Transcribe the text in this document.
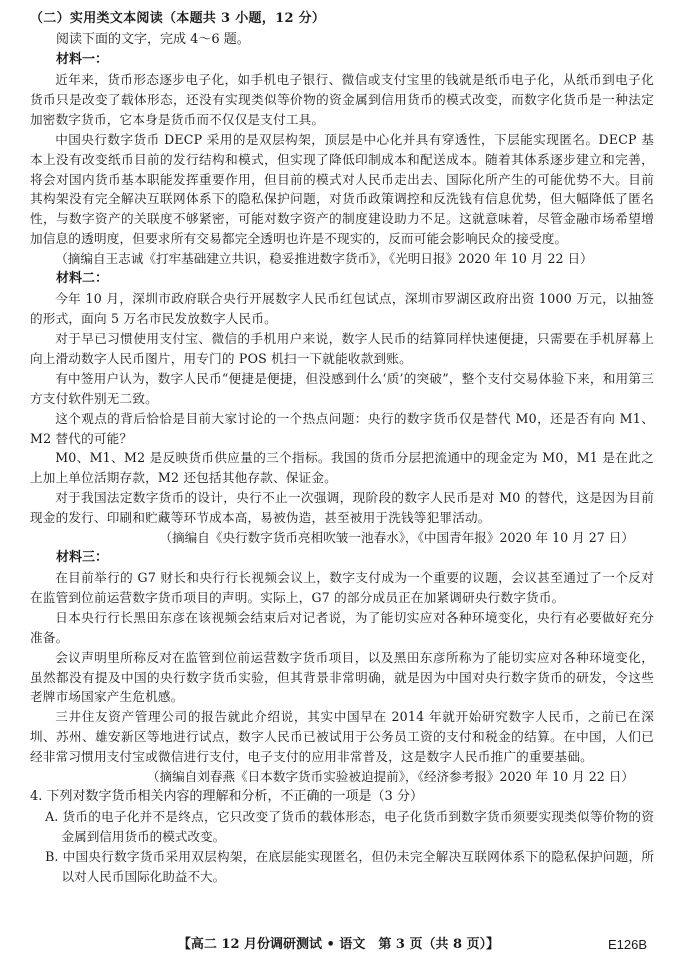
（二）实用类文本阅读（本题共 3 小题，12 分）

阅读下面的文字，完成 4～6 题。

材料一：

近年来，货币形态逐步电子化，如手机电子银行、微信或支付宝里的钱就是纸币电子化，从纸币到电子化货币只是改变了载体形态，还没有实现类似等价物的资金属到信用货币的模式改变，而数字化货币是一种法定加密数字货币，它本身是货币而不仅仅是支付工具。

中国央行数字货币 DECP 采用的是双层构架，顶层是中心化并具有穿透性，下层能实现匿名。DECP 基本上没有改变纸币目前的发行结构和模式，但实现了降低印制成本和配送成本。随着其体系逐步建立和完善，将会对国内货币基本职能发挥重要作用，但目前的模式对人民币走出去、国际化所产生的可能优势不大。目前其构架没有完全解决互联网体系下的隐私保护问题，对货币政策调控和反洗钱有信息优势，但大幅降低了匿名性，与数字资产的关联度不够紧密，可能对数字资产的制度建设助力不足。这就意味着，尽管金融市场希望增加信息的透明度，但要求所有交易都完全透明也许是不现实的，反而可能会影响民众的接受度。

（摘编自王志诚《打牢基础建立共识，稳妥推进数字货币》，《光明日报》2020 年 10 月 22 日）

材料二：

今年 10 月，深圳市政府联合央行开展数字人民币红包试点，深圳市罗湖区政府出资 1000 万元，以抽签的形式，面向 5 万名市民发放数字人民币。

对于早已习惯使用支付宝、微信的手机用户来说，数字人民币的结算同样快速便捷，只需要在手机屏幕上向上滑动数字人民币图片，用专门的 POS 机扫一下就能收款到账。

有中签用户认为，数字人民币“便捷是便捷，但没感到什么‘质’的突破”，整个支付交易体验下来，和用第三方支付软件别无二致。

这个观点的背后恰恰是目前大家讨论的一个热点问题：央行的数字货币仅是替代 M0，还是否有向 M1、M2 替代的可能？

M0、M1、M2 是反映货币供应量的三个指标。我国的货币分层把流通中的现金定为 M0，M1 是在此之上加上单位活期存款，M2 还包括其他存款、保证金。

对于我国法定数字货币的设计，央行不止一次强调，现阶段的数字人民币是对 M0 的替代，这是因为目前现金的发行、印刷和贮藏等环节成本高，易被伪造，甚至被用于洗钱等犯罪活动。

（摘编自《央行数字货币亮相吹皱一池春水》，《中国青年报》2020 年 10 月 27 日）

材料三：

在目前举行的 G7 财长和央行行长视频会议上，数字支付成为一个重要的议题，会议甚至通过了一个反对在监管到位前运营数字货币项目的声明。实际上，G7 的部分成员正在加紧调研央行数字货币。

日本央行行长黑田东彦在该视频会结束后对记者说，为了能切实应对各种环境变化，央行有必要做好充分准备。

会议声明里所称反对在监管到位前运营数字货币项目，以及黑田东彦所称为了能切实应对各种环境变化，虽然都没有提及中国的央行数字货币实验，但其背景非常明确，就是因为中国对央行数字货币的研发，令这些老牌市场国家产生危机感。

三井住友资产管理公司的报告就此介绍说，其实中国早在 2014 年就开始研究数字人民币，之前已在深圳、苏州、雄安新区等地进行试点，数字人民币已被试用于公务员工资的支付和税金的结算。在中国，人们已经非常习惯用支付宝或微信进行支付，电子支付的应用非常普及，这是数字人民币推广的重要基础。

（摘编自刘春燕《日本数字货币实验被迫提前》，《经济参考报》2020 年 10 月 22 日）

4. 下列对数字货币相关内容的理解和分析，不正确的一项是（3 分）

A. 货币的电子化并不是终点，它只改变了货币的载体形态，电子化货币到数字货币须要实现类似等价物的资金属到信用货币的模式改变。

B. 中国央行数字货币采用双层构架，在底层能实现匿名，但仍未完全解决互联网体系下的隐私保护问题，所以对人民币国际化助益不大。

【高二 12 月份调研测试 • 语文　第 3 页（共 8 页）】	E126B
